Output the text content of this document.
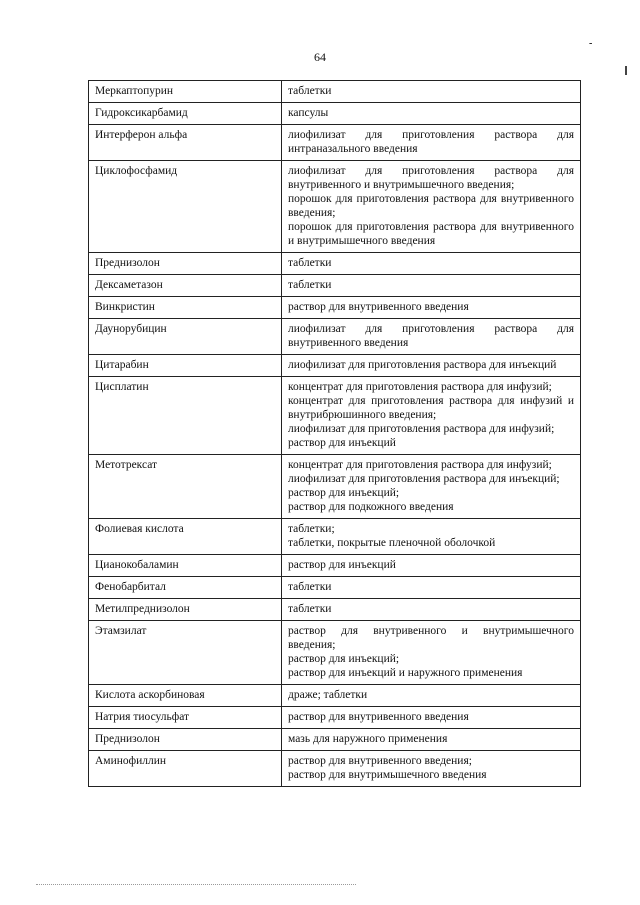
64
-
Меркаптопурин	таблетки

Гидроксикарбамид	капсулы

Интерферон альфа	лиофилизат для приготовления раствора для интраназального введения

Циклофосфамид	лиофилизат для приготовления раствора для внутривенного и внутримышечного введения;
порошок для приготовления раствора для внутривенного введения;
порошок для приготовления раствора для внутривенного и внутримышечного введения

Преднизолон	таблетки

Дексаметазон	таблетки

Винкристин	раствор для внутривенного введения

Даунорубицин	лиофилизат для приготовления раствора для внутривенного введения

Цитарабин	лиофилизат для приготовления раствора для инъекций

Цисплатин	концентрат для приготовления раствора для инфузий;
концентрат для приготовления раствора для инфузий и внутрибрюшинного введения;
лиофилизат для приготовления раствора для инфузий;
раствор для инъекций

Метотрексат	концентрат для приготовления раствора для инфузий;
лиофилизат для приготовления раствора для инъекций;
раствор для инъекций;
раствор для подкожного введения

Фолиевая кислота	таблетки;
таблетки, покрытые пленочной оболочкой

Цианокобаламин	раствор для инъекций

Фенобарбитал	таблетки

Метилпреднизолон	таблетки

Этамзилат	раствор для внутривенного и внутримышечного введения;
раствор для инъекций;
раствор для инъекций и наружного применения

Кислота аскорбиновая	драже; таблетки

Натрия тиосульфат	раствор для внутривенного введения

Преднизолон	мазь для наружного применения

Аминофиллин	раствор для внутривенного введения;
раствор для внутримышечного введения
